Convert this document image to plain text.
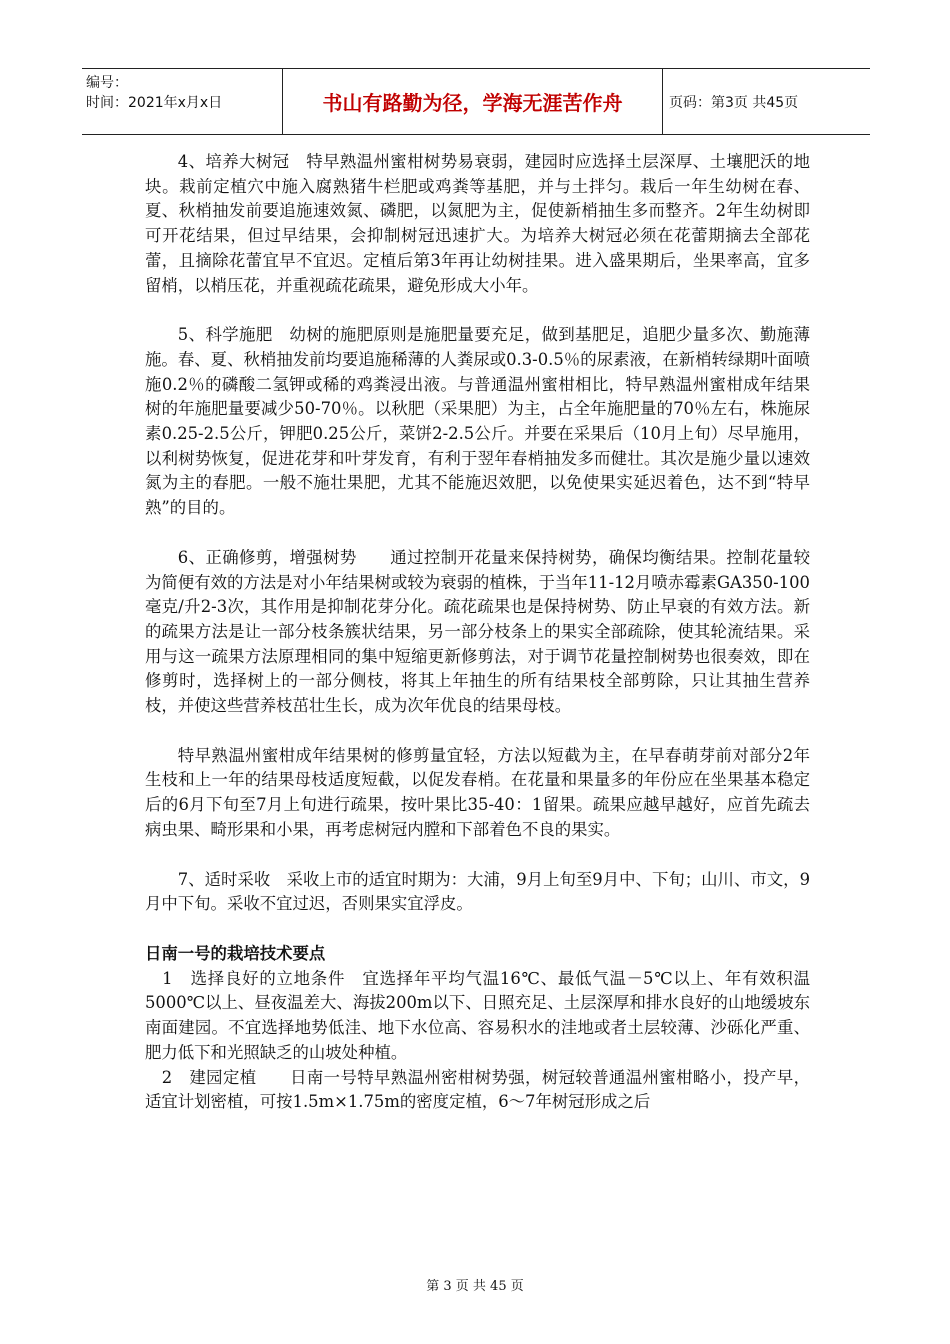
编号：
时间：2021年x月x日	书山有路勤为径，学海无涯苦作舟	页码：第3页 共45页

4、培养大树冠　特早熟温州蜜柑树势易衰弱，建园时应选择土层深厚、土壤肥沃的地块。栽前定植穴中施入腐熟猪牛栏肥或鸡粪等基肥，并与土拌匀。栽后一年生幼树在春、夏、秋梢抽发前要追施速效氮、磷肥，以氮肥为主，促使新梢抽生多而整齐。2年生幼树即可开花结果，但过早结果，会抑制树冠迅速扩大。为培养大树冠必须在花蕾期摘去全部花蕾，且摘除花蕾宜早不宜迟。定植后第3年再让幼树挂果。进入盛果期后，坐果率高，宜多留梢，以梢压花，并重视疏花疏果，避免形成大小年。

5、科学施肥　幼树的施肥原则是施肥量要充足，做到基肥足，追肥少量多次、勤施薄施。春、夏、秋梢抽发前均要追施稀薄的人粪尿或0.3-0.5％的尿素液，在新梢转绿期叶面喷施0.2％的磷酸二氢钾或稀的鸡粪浸出液。与普通温州蜜柑相比，特早熟温州蜜柑成年结果树的年施肥量要减少50-70％。以秋肥（采果肥）为主，占全年施肥量的70％左右，株施尿素0.25-2.5公斤，钾肥0.25公斤，菜饼2-2.5公斤。并要在采果后（10月上旬）尽早施用，以利树势恢复，促进花芽和叶芽发育，有利于翌年春梢抽发多而健壮。其次是施少量以速效氮为主的春肥。一般不施壮果肥，尤其不能施迟效肥，以免使果实延迟着色，达不到“特早熟”的目的。

6、正确修剪，增强树势　　通过控制开花量来保持树势，确保均衡结果。控制花量较为简便有效的方法是对小年结果树或较为衰弱的植株，于当年11-12月喷赤霉素GA350-100毫克/升2-3次，其作用是抑制花芽分化。疏花疏果也是保持树势、防止早衰的有效方法。新的疏果方法是让一部分枝条簇状结果，另一部分枝条上的果实全部疏除，使其轮流结果。采用与这一疏果方法原理相同的集中短缩更新修剪法，对于调节花量控制树势也很奏效，即在修剪时，选择树上的一部分侧枝，将其上年抽生的所有结果枝全部剪除，只让其抽生营养枝，并使这些营养枝茁壮生长，成为次年优良的结果母枝。

特早熟温州蜜柑成年结果树的修剪量宜轻，方法以短截为主，在早春萌芽前对部分2年生枝和上一年的结果母枝适度短截，以促发春梢。在花量和果量多的年份应在坐果基本稳定后的6月下旬至7月上旬进行疏果，按叶果比35-40：1留果。疏果应越早越好，应首先疏去病虫果、畸形果和小果，再考虑树冠内膛和下部着色不良的果实。

7、适时采收　采收上市的适宜时期为：大浦，9月上旬至9月中、下旬；山川、市文，9月中下旬。采收不宜过迟，否则果实宜浮皮。

日南一号的栽培技术要点

　1　选择良好的立地条件　宜选择年平均气温16℃、最低气温－5℃以上、年有效积温5000℃以上、昼夜温差大、海拔200m以下、日照充足、土层深厚和排水良好的山地缓坡东南面建园。不宜选择地势低洼、地下水位高、容易积水的洼地或者土层较薄、沙砾化严重、肥力低下和光照缺乏的山坡处种植。

　2　建园定植　　日南一号特早熟温州密柑树势强，树冠较普通温州蜜柑略小，投产早，适宜计划密植，可按1.5m×1.75m的密度定植，6～7年树冠形成之后

第 3 页 共 45 页
